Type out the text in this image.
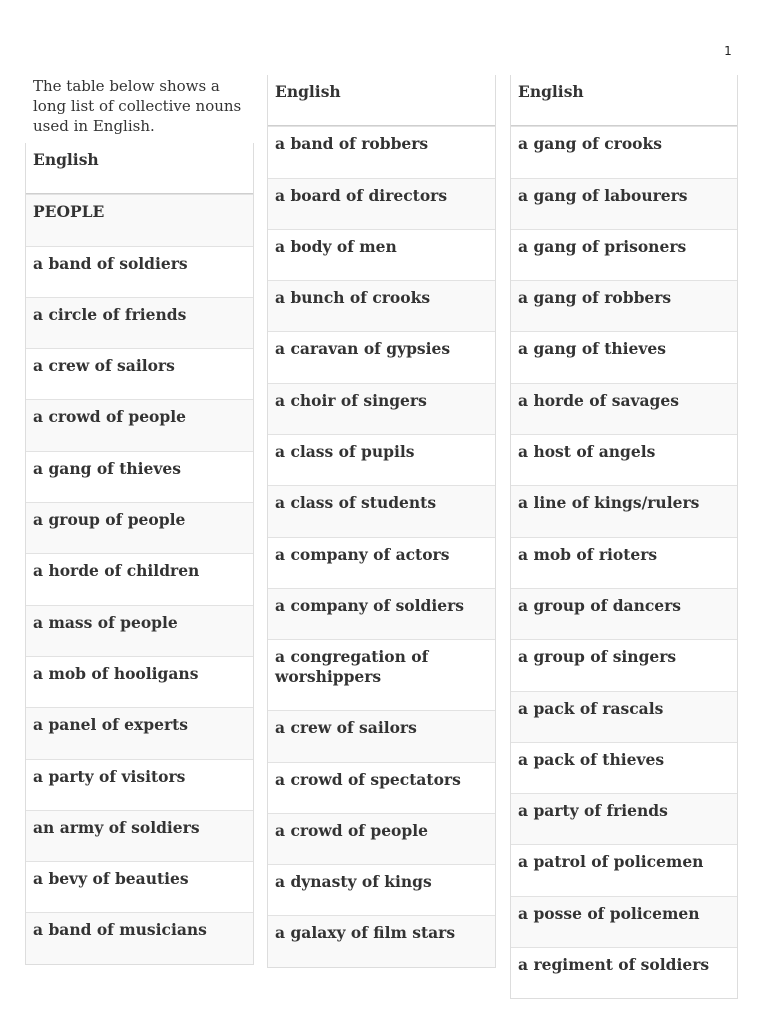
1
The table below shows a long list of collective nouns used in English.
English
PEOPLE
a band of soldiers
a circle of friends
a crew of sailors
a crowd of people
a gang of thieves
a group of people
a horde of children
a mass of people
a mob of hooligans
a panel of experts
a party of visitors
an army of soldiers
a bevy of beauties
a band of musicians
English
a band of robbers
a board of directors
a body of men
a bunch of crooks
a caravan of gypsies
a choir of singers
a class of pupils
a class of students
a company of actors
a company of soldiers
a congregation of worshippers
a crew of sailors
a crowd of spectators
a crowd of people
a dynasty of kings
a galaxy of film stars
English
a gang of crooks
a gang of labourers
a gang of prisoners
a gang of robbers
a gang of thieves
a horde of savages
a host of angels
a line of kings/rulers
a mob of rioters
a group of dancers
a group of singers
a pack of rascals
a pack of thieves
a party of friends
a patrol of policemen
a posse of policemen
a regiment of soldiers
